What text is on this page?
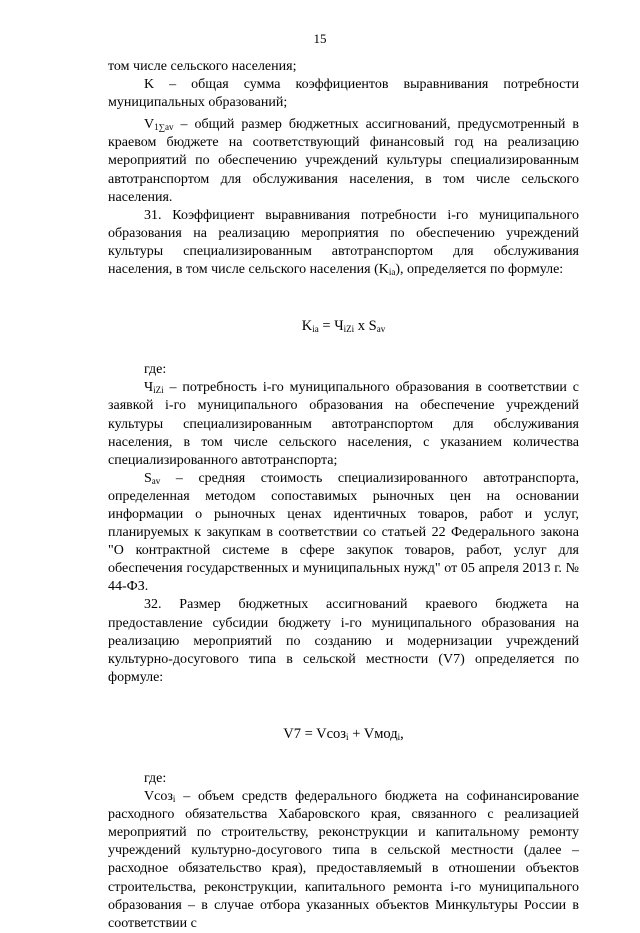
15

том числе сельского населения;

K – общая сумма коэффициентов выравнивания потребности муниципальных образований;

$V_{1\sum av}$ – общий размер бюджетных ассигнований, предусмотренный в краевом бюджете на соответствующий финансовый год на реализацию мероприятий по обеспечению учреждений культуры специализированным автотранспортом для обслуживания населения, в том числе сельского населения.

31. Коэффициент выравнивания потребности i-го муниципального образования на реализацию мероприятия по обеспечению учреждений культуры специализированным автотранспортом для обслуживания населения, в том числе сельского населения $(K_{ia})$, определяется по формуле:

$K_{ia} = Ч_{iZi}$ x $S_{av}$

где:

$Ч_{iZi}$ – потребность i-го муниципального образования в соответствии с заявкой i-го муниципального образования на обеспечение учреждений культуры специализированным автотранспортом для обслуживания населения, в том числе сельского населения, с указанием количества специализированного автотранспорта;

$S_{av}$ – средняя стоимость специализированного автотранспорта, определенная методом сопоставимых рыночных цен на основании информации о рыночных ценах идентичных товаров, работ и услуг, планируемых к закупкам в соответствии со статьей 22 Федерального закона "О контрактной системе в сфере закупок товаров, работ, услуг для обеспечения государственных и муниципальных нужд" от 05 апреля 2013 г. № 44-ФЗ.

32. Размер бюджетных ассигнований краевого бюджета на предоставление субсидии бюджету i-го муниципального образования на реализацию мероприятий по созданию и модернизации учреждений культурно-досугового типа в сельской местности (V7) определяется по формуле:

V7 = Vсоз$_i$ + Vмод$_i$,

где:

Vсоз$_i$ – объем средств федерального бюджета на софинансирование расходного обязательства Хабаровского края, связанного с реализацией мероприятий по строительству, реконструкции и капитальному ремонту учреждений культурно-досугового типа в сельской местности (далее – расходное обязательство края), предоставляемый в отношении объектов строительства, реконструкции, капитального ремонта i-го муниципального образования – в случае отбора указанных объектов Минкультуры России в соответствии с
